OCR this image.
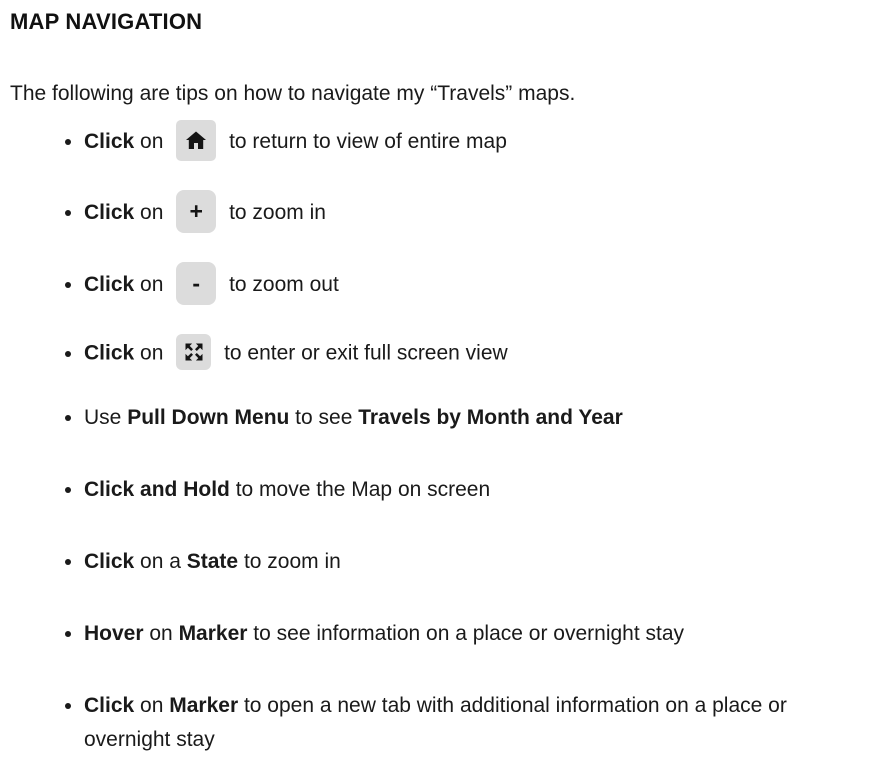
MAP NAVIGATION

The following are tips on how to navigate my “Travels” maps.

• Click on	to return to view of entire map
• Click on + to zoom in
• Click on - to zoom out
• Click on
to enter or exit full screen view
• Use Pull Down Menu to see Travels by Month and Year
• Click and Hold to move the Map on screen
• Click on a State to zoom in
• Hover on Marker to see information on a place or overnight stay
• Click on Marker to open a new tab with additional information on a place or overnight stay
